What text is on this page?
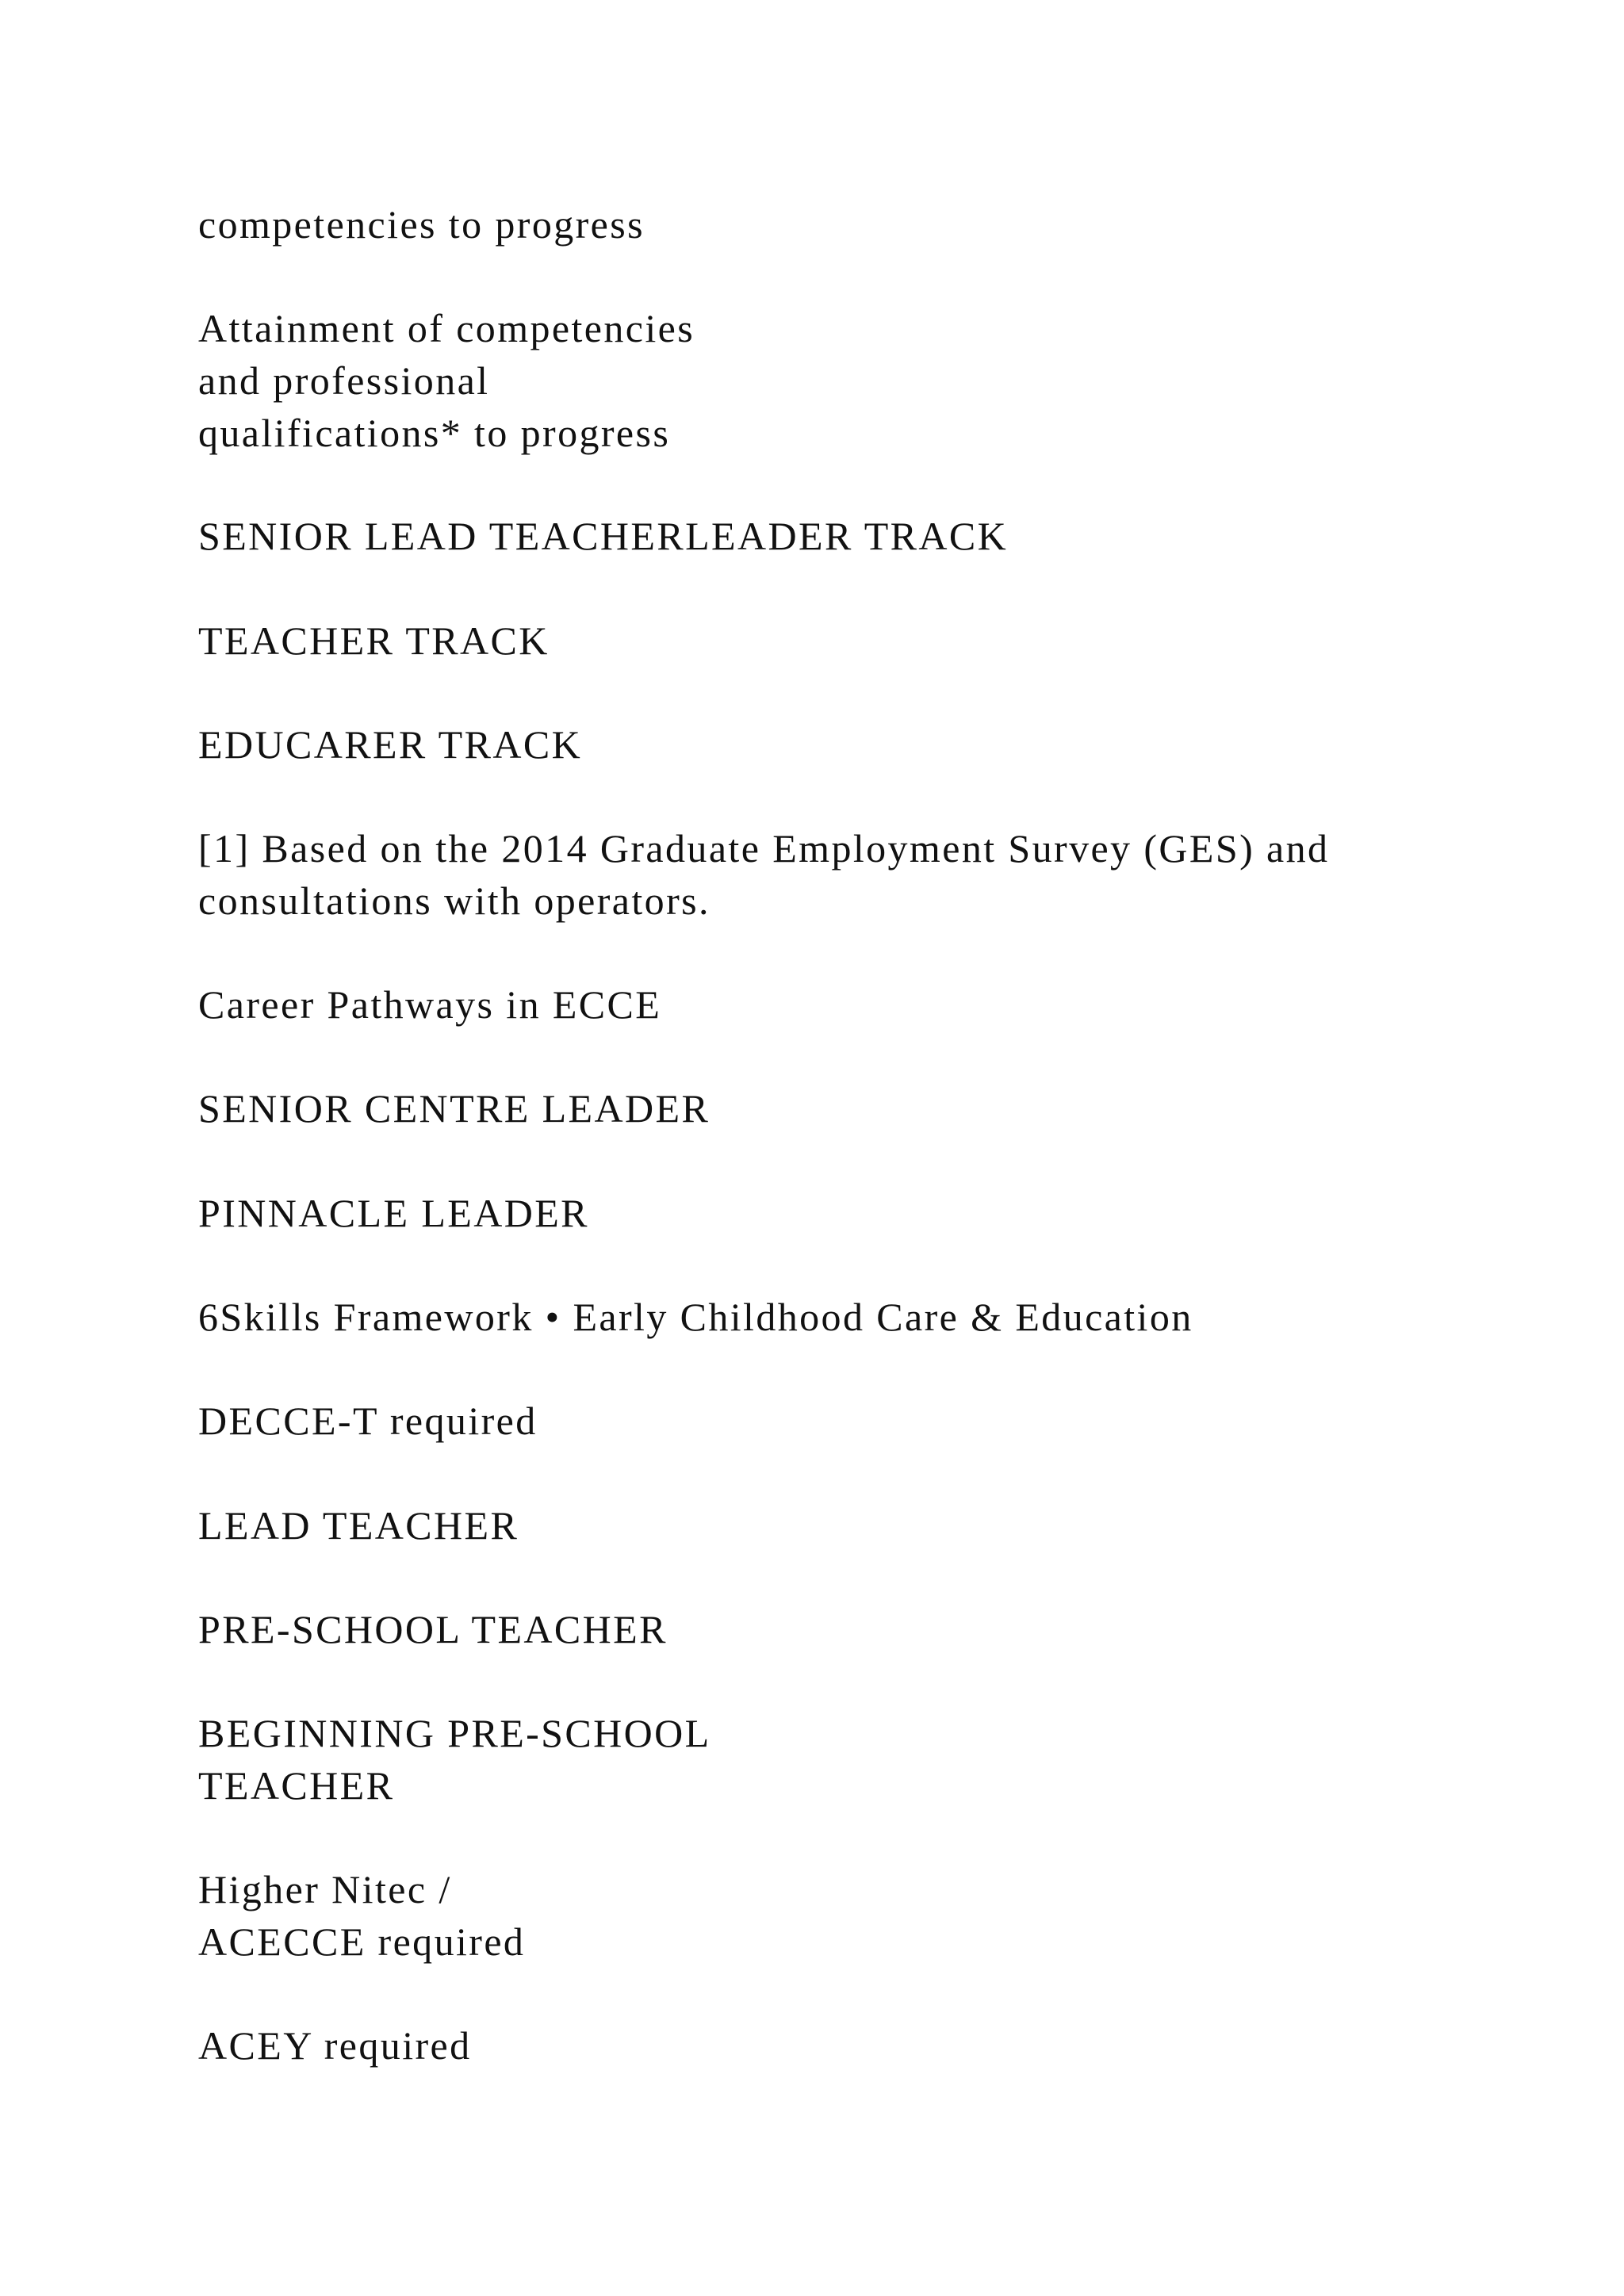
competencies to progress

Attainment of competencies
and professional
qualifications* to progress

SENIOR LEAD TEACHERLEADER TRACK

TEACHER TRACK

EDUCARER TRACK

[1] Based on the 2014 Graduate Employment Survey (GES) and
consultations with operators.

Career Pathways in ECCE

SENIOR CENTRE LEADER

PINNACLE LEADER

6Skills Framework • Early Childhood Care & Education

DECCE-T required

LEAD TEACHER

PRE-SCHOOL TEACHER

BEGINNING PRE-SCHOOL
TEACHER

Higher Nitec /
ACECCE required

ACEY required
